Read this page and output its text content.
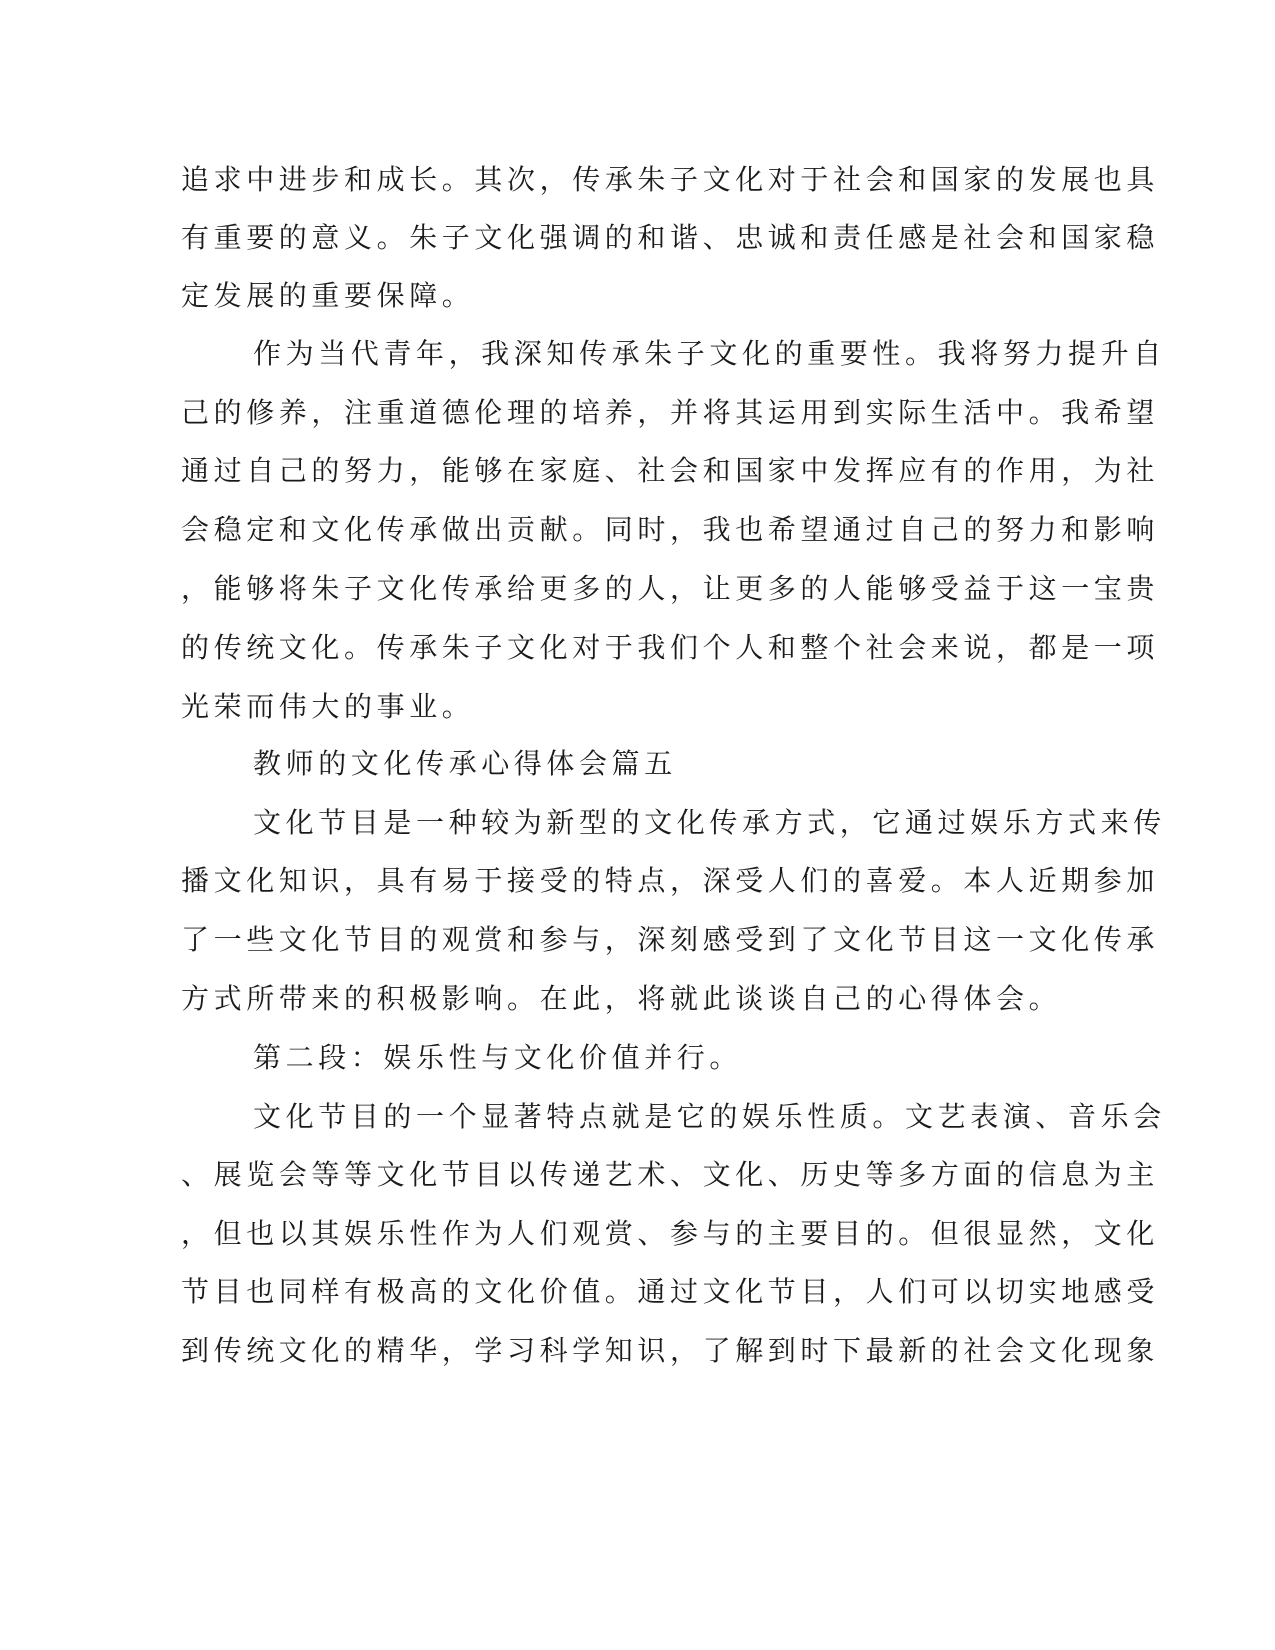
追求中进步和成长。其次，传承朱子文化对于社会和国家的发展也具
有重要的意义。朱子文化强调的和谐、忠诚和责任感是社会和国家稳
定发展的重要保障。
作为当代青年，我深知传承朱子文化的重要性。我将努力提升自
己的修养，注重道德伦理的培养，并将其运用到实际生活中。我希望
通过自己的努力，能够在家庭、社会和国家中发挥应有的作用，为社
会稳定和文化传承做出贡献。同时，我也希望通过自己的努力和影响
，能够将朱子文化传承给更多的人，让更多的人能够受益于这一宝贵
的传统文化。传承朱子文化对于我们个人和整个社会来说，都是一项
光荣而伟大的事业。
教师的文化传承心得体会篇五
文化节目是一种较为新型的文化传承方式，它通过娱乐方式来传
播文化知识，具有易于接受的特点，深受人们的喜爱。本人近期参加
了一些文化节目的观赏和参与，深刻感受到了文化节目这一文化传承
方式所带来的积极影响。在此，将就此谈谈自己的心得体会。
第二段：娱乐性与文化价值并行。
文化节目的一个显著特点就是它的娱乐性质。文艺表演、音乐会
、展览会等等文化节目以传递艺术、文化、历史等多方面的信息为主
，但也以其娱乐性作为人们观赏、参与的主要目的。但很显然，文化
节目也同样有极高的文化价值。通过文化节目，人们可以切实地感受
到传统文化的精华，学习科学知识，了解到时下最新的社会文化现象
